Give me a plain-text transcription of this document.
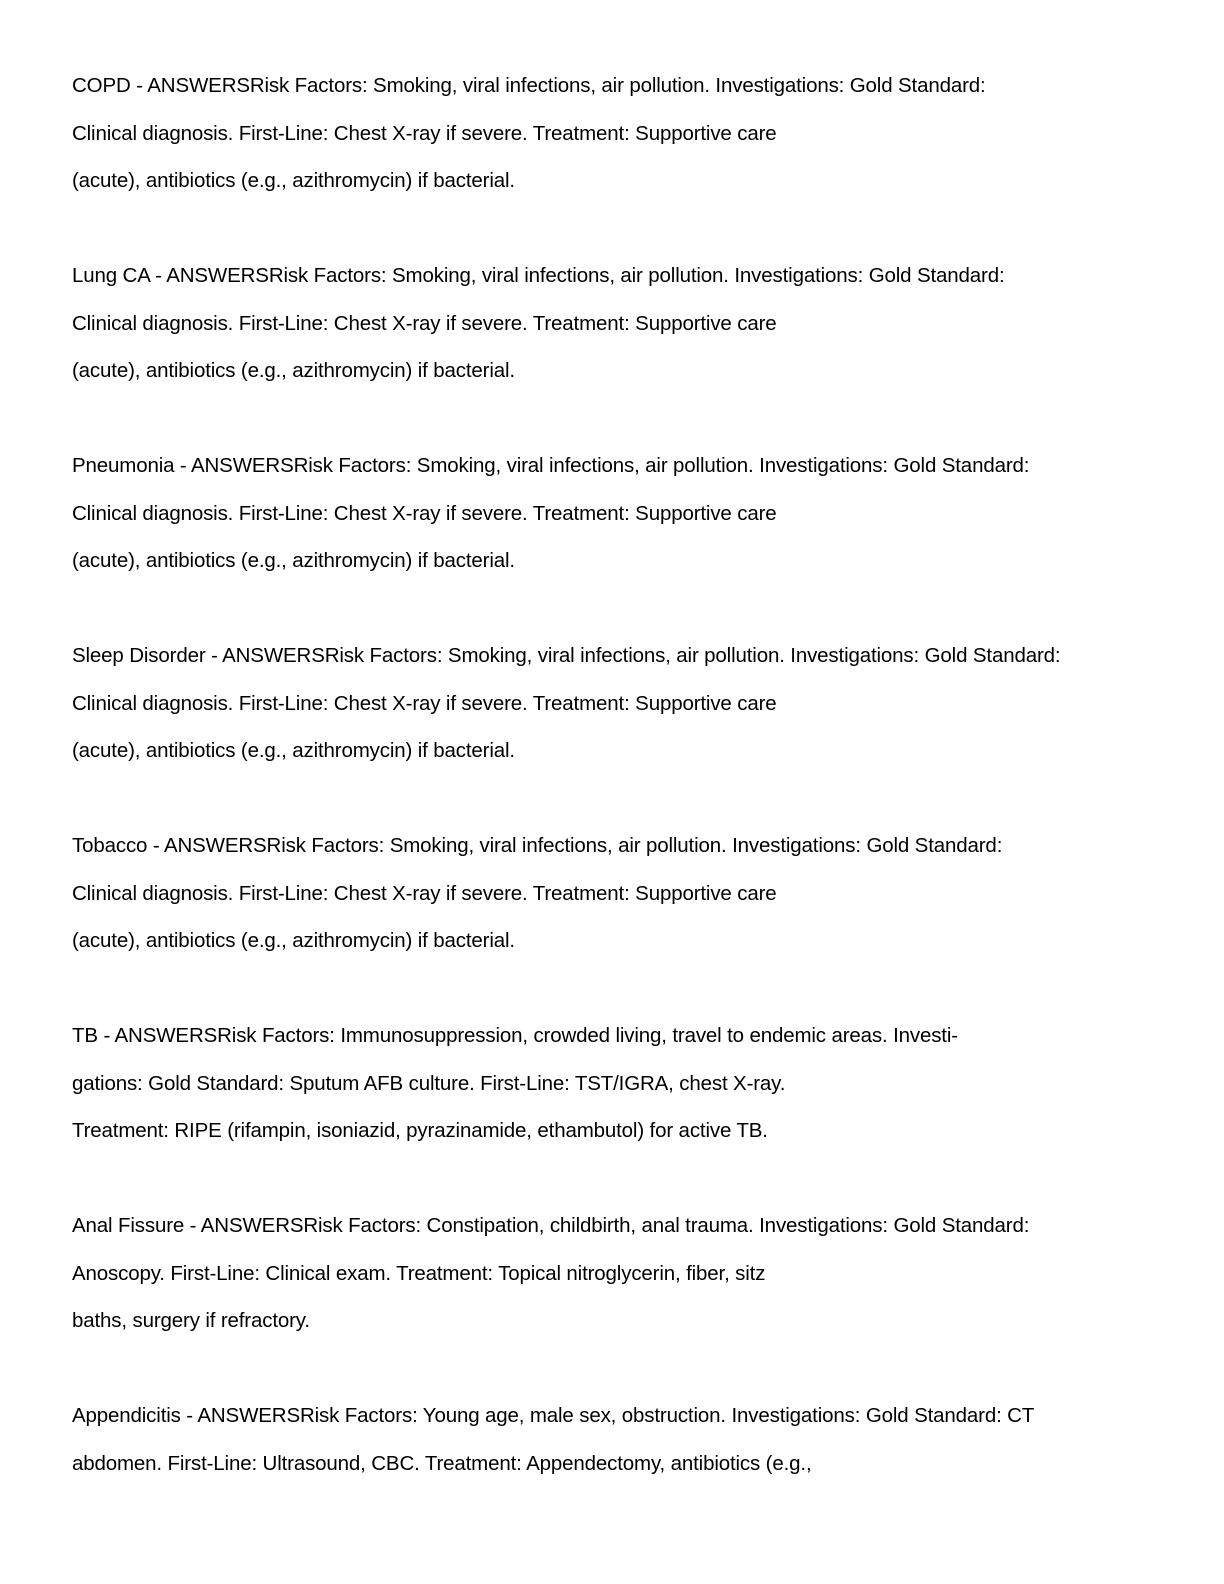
COPD - ANSWERSRisk Factors: Smoking, viral infections, air pollution. Investigations: Gold Standard:
Clinical diagnosis. First-Line: Chest X-ray if severe. Treatment: Supportive care
(acute), antibiotics (e.g., azithromycin) if bacterial.
Lung CA - ANSWERSRisk Factors: Smoking, viral infections, air pollution. Investigations: Gold Standard:
Clinical diagnosis. First-Line: Chest X-ray if severe. Treatment: Supportive care
(acute), antibiotics (e.g., azithromycin) if bacterial.
Pneumonia - ANSWERSRisk Factors: Smoking, viral infections, air pollution. Investigations: Gold Standard:
Clinical diagnosis. First-Line: Chest X-ray if severe. Treatment: Supportive care
(acute), antibiotics (e.g., azithromycin) if bacterial.
Sleep Disorder - ANSWERSRisk Factors: Smoking, viral infections, air pollution. Investigations: Gold Standard:
Clinical diagnosis. First-Line: Chest X-ray if severe. Treatment: Supportive care
(acute), antibiotics (e.g., azithromycin) if bacterial.
Tobacco - ANSWERSRisk Factors: Smoking, viral infections, air pollution. Investigations: Gold Standard:
Clinical diagnosis. First-Line: Chest X-ray if severe. Treatment: Supportive care
(acute), antibiotics (e.g., azithromycin) if bacterial.
TB - ANSWERSRisk Factors: Immunosuppression, crowded living, travel to endemic areas. Investi-
gations: Gold Standard: Sputum AFB culture. First-Line: TST/IGRA, chest X-ray.
Treatment: RIPE (rifampin, isoniazid, pyrazinamide, ethambutol) for active TB.
Anal Fissure - ANSWERSRisk Factors: Constipation, childbirth, anal trauma. Investigations: Gold Standard:
Anoscopy. First-Line: Clinical exam. Treatment: Topical nitroglycerin, fiber, sitz
baths, surgery if refractory.
Appendicitis - ANSWERSRisk Factors: Young age, male sex, obstruction. Investigations: Gold Standard: CT
abdomen. First-Line: Ultrasound, CBC. Treatment: Appendectomy, antibiotics (e.g.,
